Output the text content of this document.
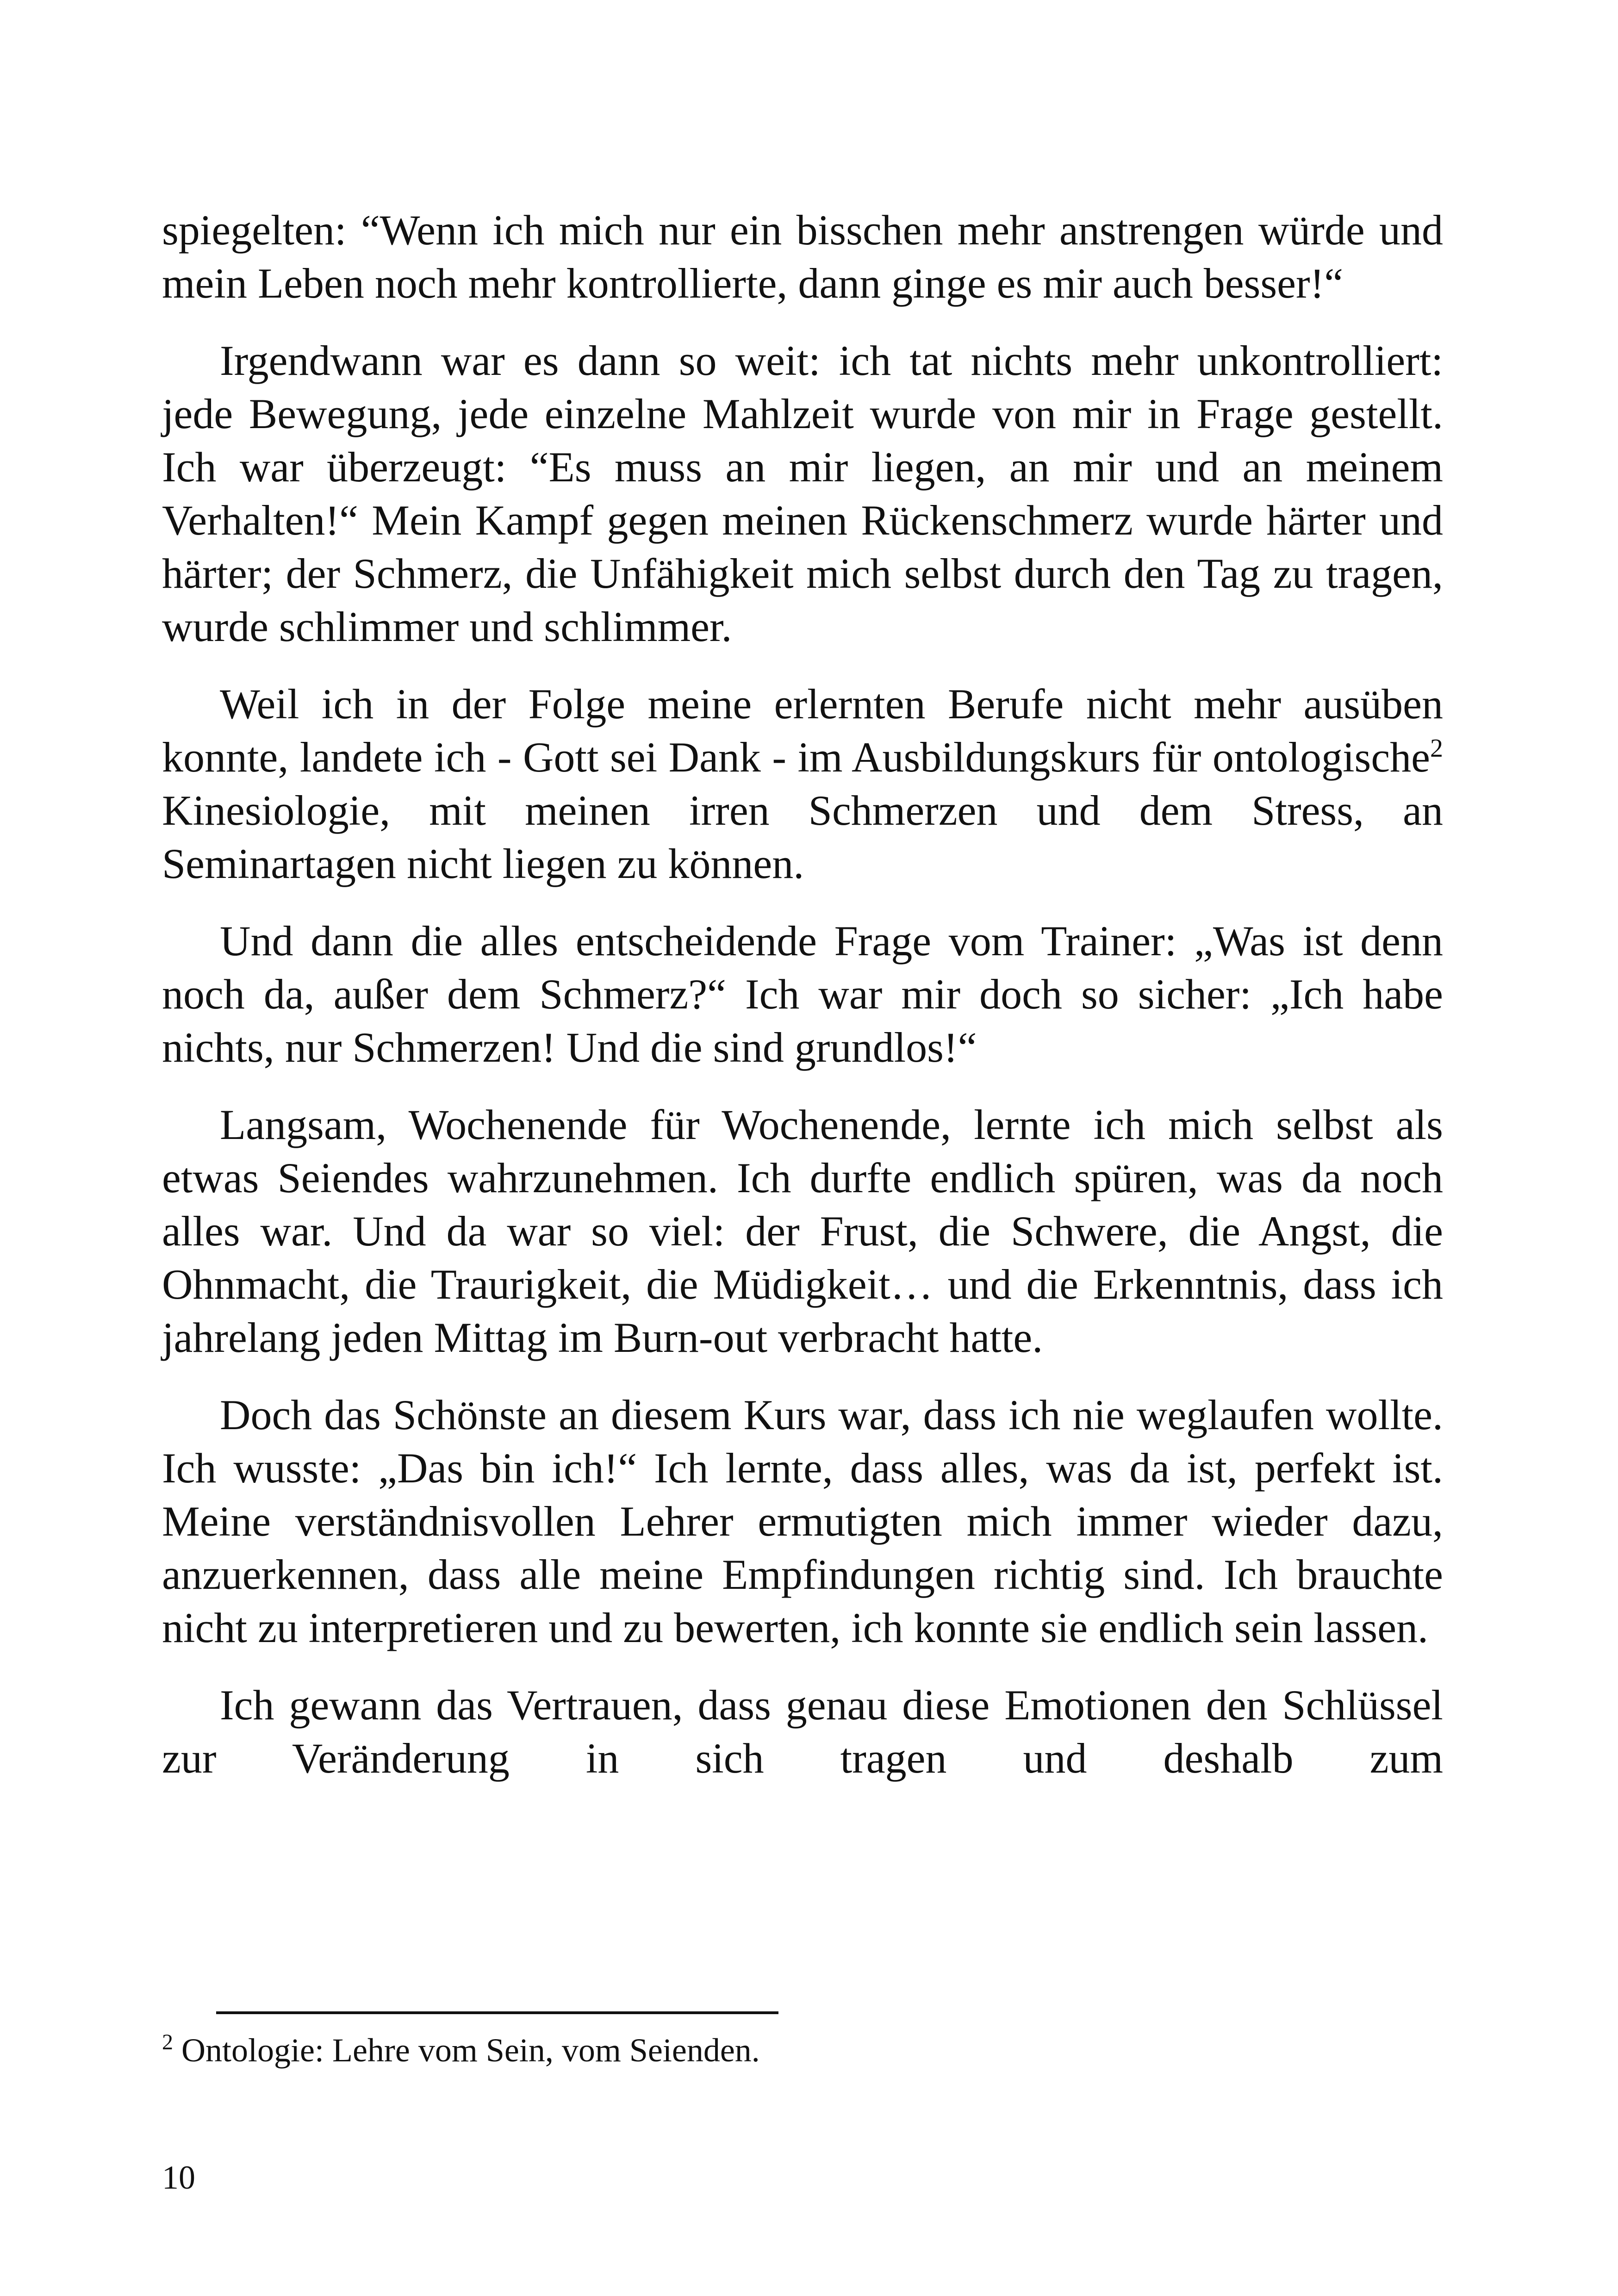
spiegelten: “Wenn ich mich nur ein bisschen mehr anstrengen würde und mein Leben noch mehr kontrollierte, dann ginge es mir auch besser!“

Irgendwann war es dann so weit: ich tat nichts mehr unkontrolliert: jede Bewegung, jede einzelne Mahlzeit wurde von mir in Frage gestellt. Ich war überzeugt: “Es muss an mir liegen, an mir und an meinem Verhalten!“ Mein Kampf gegen meinen Rückenschmerz wurde härter und härter; der Schmerz, die Unfähigkeit mich selbst durch den Tag zu tragen, wurde schlimmer und schlimmer.

Weil ich in der Folge meine erlernten Berufe nicht mehr ausüben konnte, landete ich - Gott sei Dank - im Ausbildungskurs für ontologische$^2$ Kinesiologie, mit meinen irren Schmerzen und dem Stress, an Seminartagen nicht liegen zu können.

Und dann die alles entscheidende Frage vom Trainer: „Was ist denn noch da, außer dem Schmerz?“ Ich war mir doch so sicher: „Ich habe nichts, nur Schmerzen! Und die sind grundlos!“

Langsam, Wochenende für Wochenende, lernte ich mich selbst als etwas Seiendes wahrzunehmen. Ich durfte endlich spüren, was da noch alles war. Und da war so viel: der Frust, die Schwere, die Angst, die Ohnmacht, die Traurigkeit, die Müdigkeit… und die Erkenntnis, dass ich jahrelang jeden Mittag im Burn-out verbracht hatte.

Doch das Schönste an diesem Kurs war, dass ich nie weglaufen wollte. Ich wusste: „Das bin ich!“ Ich lernte, dass alles, was da ist, perfekt ist. Meine verständnisvollen Lehrer ermutigten mich immer wieder dazu, anzuerkennen, dass alle meine Empfindungen richtig sind. Ich brauchte nicht zu interpretieren und zu bewerten, ich konnte sie endlich sein lassen.

Ich gewann das Vertrauen, dass genau diese Emotionen den Schlüssel zur Veränderung in sich tragen und deshalb zum

$^2$ Ontologie: Lehre vom Sein, vom Seienden.
10
